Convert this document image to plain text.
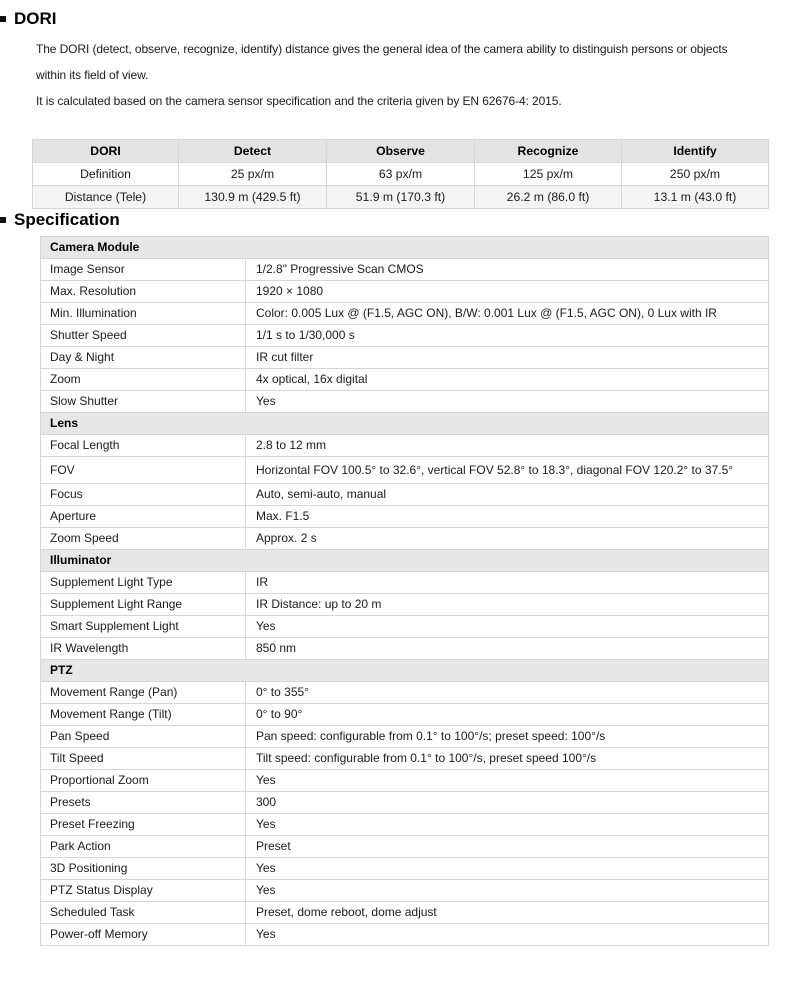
DORI

The DORI (detect, observe, recognize, identify) distance gives the general idea of the camera ability to distinguish persons or objects within its field of view.

It is calculated based on the camera sensor specification and the criteria given by EN 62676-4: 2015.

DORI	Detect	Observe	Recognize	Identify
Definition	25 px/m	63 px/m	125 px/m	250 px/m
Distance (Tele)	130.9 m (429.5 ft)	51.9 m (170.3 ft)	26.2 m (86.0 ft)	13.1 m (43.0 ft)
Specification
Camera Module	
Image Sensor	1/2.8" Progressive Scan CMOS
Max. Resolution	1920 × 1080
Min. Illumination	Color: 0.005 Lux @ (F1.5, AGC ON), B/W: 0.001 Lux @ (F1.5, AGC ON), 0 Lux with IR
Shutter Speed	1/1 s to 1/30,000 s
Day & Night	IR cut filter
Zoom	4x optical, 16x digital
Slow Shutter	Yes
Lens	
Focal Length	2.8 to 12 mm
FOV	Horizontal FOV 100.5° to 32.6°, vertical FOV 52.8° to 18.3°, diagonal FOV 120.2° to 37.5°
Focus	Auto, semi-auto, manual
Aperture	Max. F1.5
Zoom Speed	Approx. 2 s
Illuminator	
Supplement Light Type	IR
Supplement Light Range	IR Distance: up to 20 m
Smart Supplement Light	Yes
IR Wavelength	850 nm
PTZ	
Movement Range (Pan)	0° to 355°
Movement Range (Tilt)	0° to 90°
Pan Speed	Pan speed: configurable from 0.1° to 100°/s; preset speed: 100°/s
Tilt Speed	Tilt speed: configurable from 0.1° to 100°/s, preset speed 100°/s
Proportional Zoom	Yes
Presets	300
Preset Freezing	Yes
Park Action	Preset
3D Positioning	Yes
PTZ Status Display	Yes
Scheduled Task	Preset, dome reboot, dome adjust
Power-off Memory	Yes
